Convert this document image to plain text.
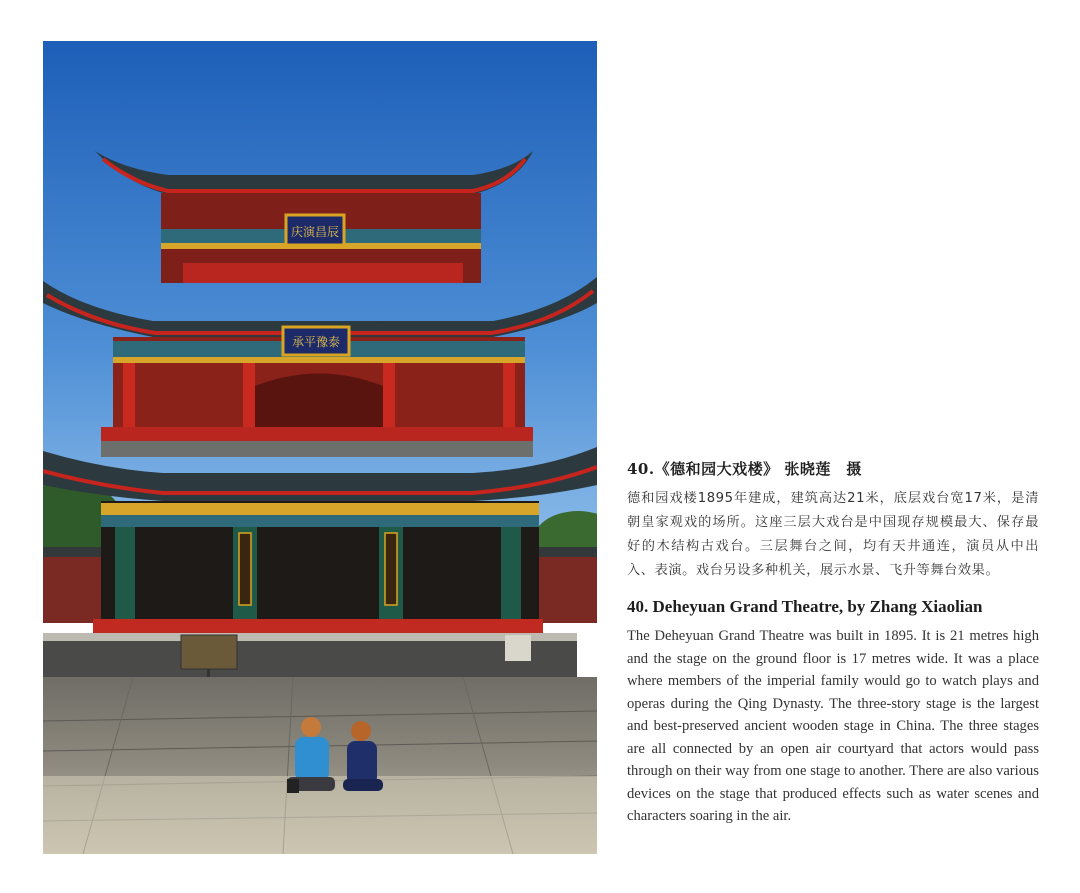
庆演昌辰
承平豫泰
40.《德和园大戏楼》 张晓莲　摄

德和园戏楼1895年建成，建筑高达21米，底层戏台宽17米，是清朝皇家观戏的场所。这座三层大戏台是中国现存规模最大、保存最好的木结构古戏台。三层舞台之间，均有天井通连，演员从中出入、表演。戏台另设多种机关，展示水景、飞升等舞台效果。

40. Deheyuan Grand Theatre, by Zhang Xiaolian

The Deheyuan Grand Theatre was built in 1895. It is 21 metres high and the stage on the ground floor is 17 metres wide. It was a place where members of the imperial family would go to watch plays and operas during the Qing Dynasty. The three-story stage is the largest and best-preserved ancient wooden stage in China. The three stages are all connected by an open air courtyard that actors would pass through on their way from one stage to another. There are also various devices on the stage that produced effects such as water scenes and characters soaring in the air.
